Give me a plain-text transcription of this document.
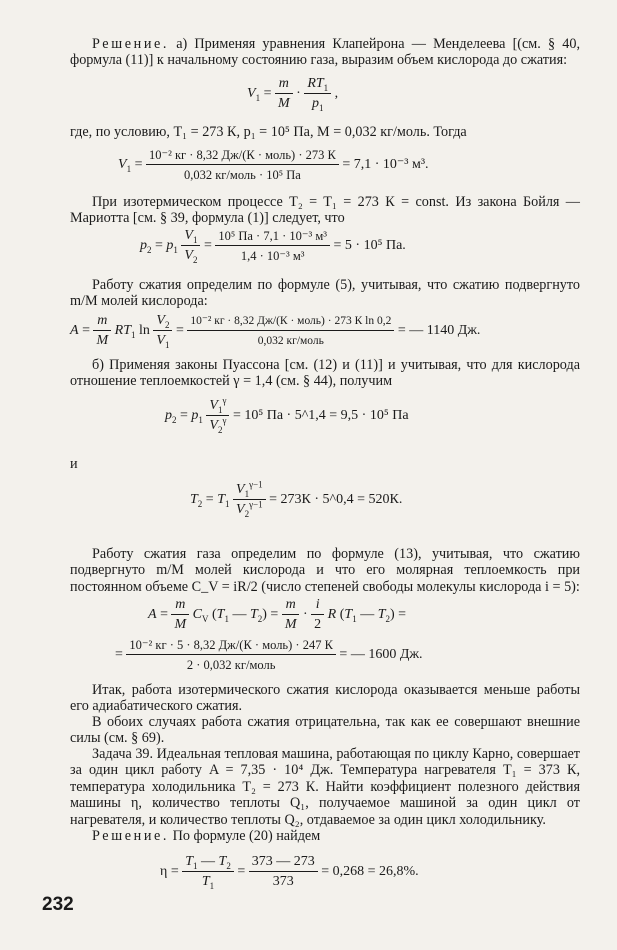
Решение. а) Применяя уравнения Клапейрона — Менделеева [(см. § 40, формула (11)] к начальному состоянию газа, выразим объем кислорода до сжатия:

$V_1 = \frac{m}{M} \cdot \frac{RT_1}{p_1}$ ,

где, по условию, T₁ = 273 К, p₁ = 10⁵ Па, M = 0,032 кг/моль. Тогда

$V_1 = \frac{\text{10⁻² кг · 8,32 Дж/(К · моль) · 273 К}}{\text{0,032 кг/моль · 10⁵ Па}} = 7,1 \cdot 10^{-3}$ м³.

При изотермическом процессе T₂ = T₁ = 273 К = const. Из закона Бойля — Мариотта [см. § 39, формула (1)] следует, что

$p_2 = p_1 \frac{V_1}{V_2} = \frac{\text{10⁵ Па · 7,1 · 10⁻³ м³}}{\text{1,4 · 10⁻³ м³}} = 5 \cdot 10^5$ Па.

Работу сжатия определим по формуле (5), учитывая, что сжатию подвергнуто m/M молей кислорода:

$A = \frac{m}{M} RT_1$ $\ln \frac{V_2}{V_1} = \frac{\text{10⁻² кг · 8,32 Дж/(К · моль) · 273 К ln 0,2}}{\text{0,032 кг/моль}}$ = — 1140 Дж.

б) Применяя законы Пуассона [см. (12) и (11)] и учитывая, что для кислорода отношение теплоемкостей γ = 1,4 (см. § 44), получим

$p_2 = p_1 \frac{V_1^\gamma}{V_2^\gamma} = 10^5$ Па · 5^1,4 = 9,5 · 10⁵ Па

и

$T_2 = T_1 \frac{V_1^{\gamma-1}}{V_2^{\gamma-1}} = 273К$ · 5^0,4 = 520К.

Работу сжатия газа определим по формуле (13), учитывая, что сжатию подвергнуто m/M молей кислорода и что его молярная теплоемкость при постоянном объеме C_V = iR/2 (число степеней свободы молекулы кислорода i = 5):

$A = \frac{m}{M} C_V$ ($T_1$ — $T_2) = \frac{m}{M} \cdot \frac{i}{2}$ R ($T_1$ — $T_2$) =
= $\frac{\text{10⁻² кг · 5 · 8,32 Дж/(К · моль) · 247 К}}{\text{2 · 0,032 кг/моль}}$ = — 1600 Дж.

Итак, работа изотермического сжатия кислорода оказывается меньше работы его адиабатического сжатия.

В обоих случаях работа сжатия отрицательна, так как ее совершают внешние силы (см. § 69).

Задача 39. Идеальная тепловая машина, работающая по циклу Карно, совершает за один цикл работу A = 7,35 · 10⁴ Дж. Температура нагревателя T₁ = 373 К, температура холодильника T₂ = 273 К. Найти коэффициент полезного действия машины η, количество теплоты Q₁, получаемое машиной за один цикл от нагревателя, и количество теплоты Q₂, отдаваемое за один цикл холодильнику.

Решение. По формуле (20) найдем

$\eta = \frac{T_1 — T_2}{T_1} = \frac{373 — 273}{373} = 0,268 = 26,8\%$.
232
